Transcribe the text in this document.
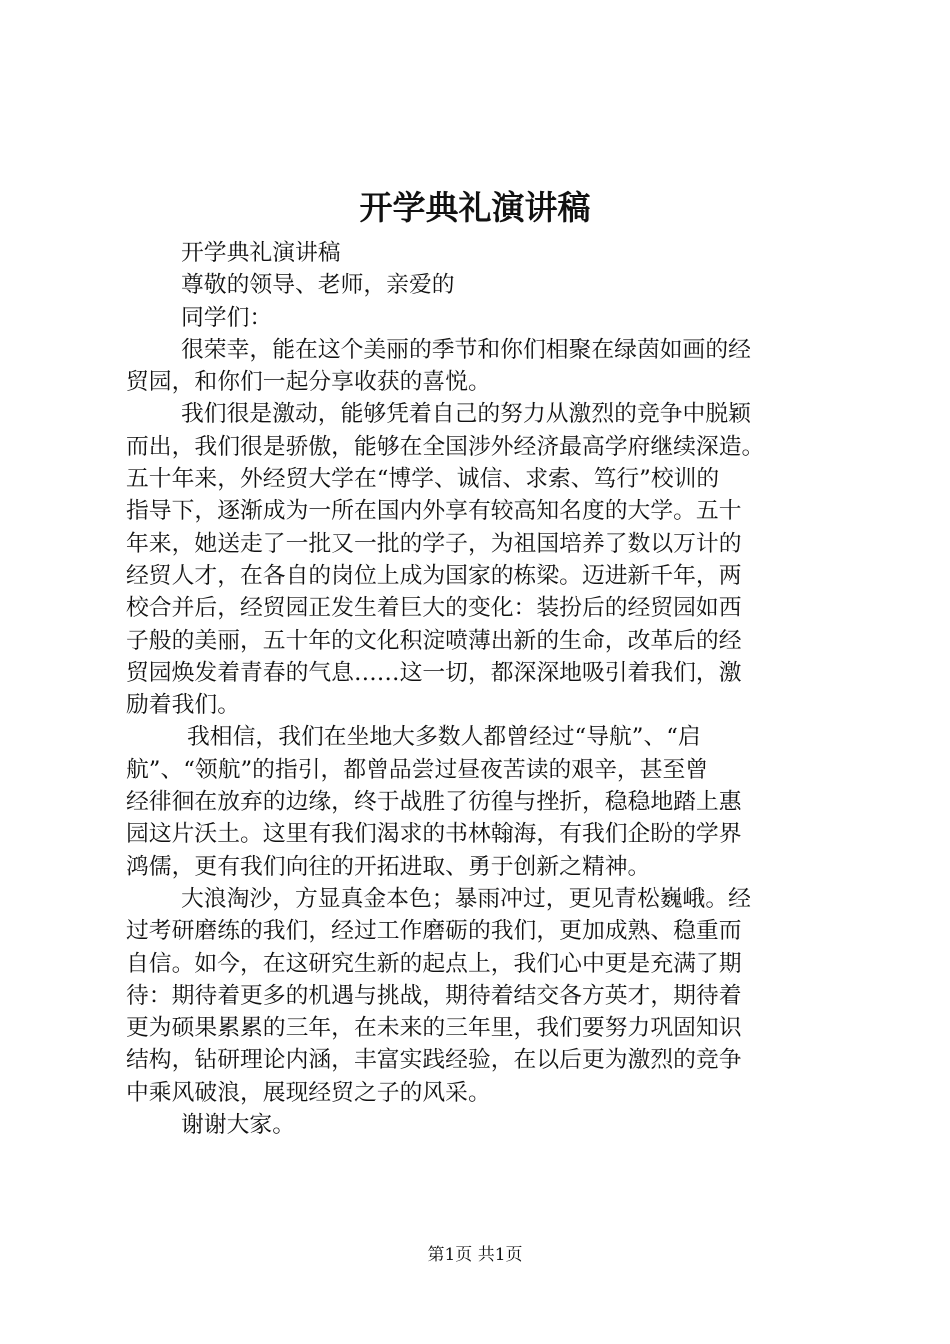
开学典礼演讲稿

开学典礼演讲稿

尊敬的领导、老师，亲爱的

同学们：

很荣幸，能在这个美丽的季节和你们相聚在绿茵如画的经

贸园，和你们一起分享收获的喜悦。

我们很是激动，能够凭着自己的努力从激烈的竞争中脱颖

而出，我们很是骄傲，能够在全国涉外经济最高学府继续深造。

五十年来，外经贸大学在“博学、诚信、求索、笃行”校训的

指导下，逐渐成为一所在国内外享有较高知名度的大学。五十

年来，她送走了一批又一批的学子，为祖国培养了数以万计的

经贸人才，在各自的岗位上成为国家的栋梁。迈进新千年，两

校合并后，经贸园正发生着巨大的变化：装扮后的经贸园如西

子般的美丽，五十年的文化积淀喷薄出新的生命，改革后的经

贸园焕发着青春的气息……这一切，都深深地吸引着我们，激

励着我们。

我相信，我们在坐地大多数人都曾经过“导航”、“启

航”、“领航”的指引，都曾品尝过昼夜苦读的艰辛，甚至曾

经徘徊在放弃的边缘，终于战胜了彷徨与挫折，稳稳地踏上惠

园这片沃土。这里有我们渴求的书林翰海，有我们企盼的学界

鸿儒，更有我们向往的开拓进取、勇于创新之精神。

大浪淘沙，方显真金本色；暴雨冲过，更见青松巍峨。经

过考研磨练的我们，经过工作磨砺的我们，更加成熟、稳重而

自信。如今，在这研究生新的起点上，我们心中更是充满了期

待：期待着更多的机遇与挑战，期待着结交各方英才，期待着

更为硕果累累的三年，在未来的三年里，我们要努力巩固知识

结构，钻研理论内涵，丰富实践经验，在以后更为激烈的竞争

中乘风破浪，展现经贸之子的风采。

谢谢大家。

第1页 共1页
